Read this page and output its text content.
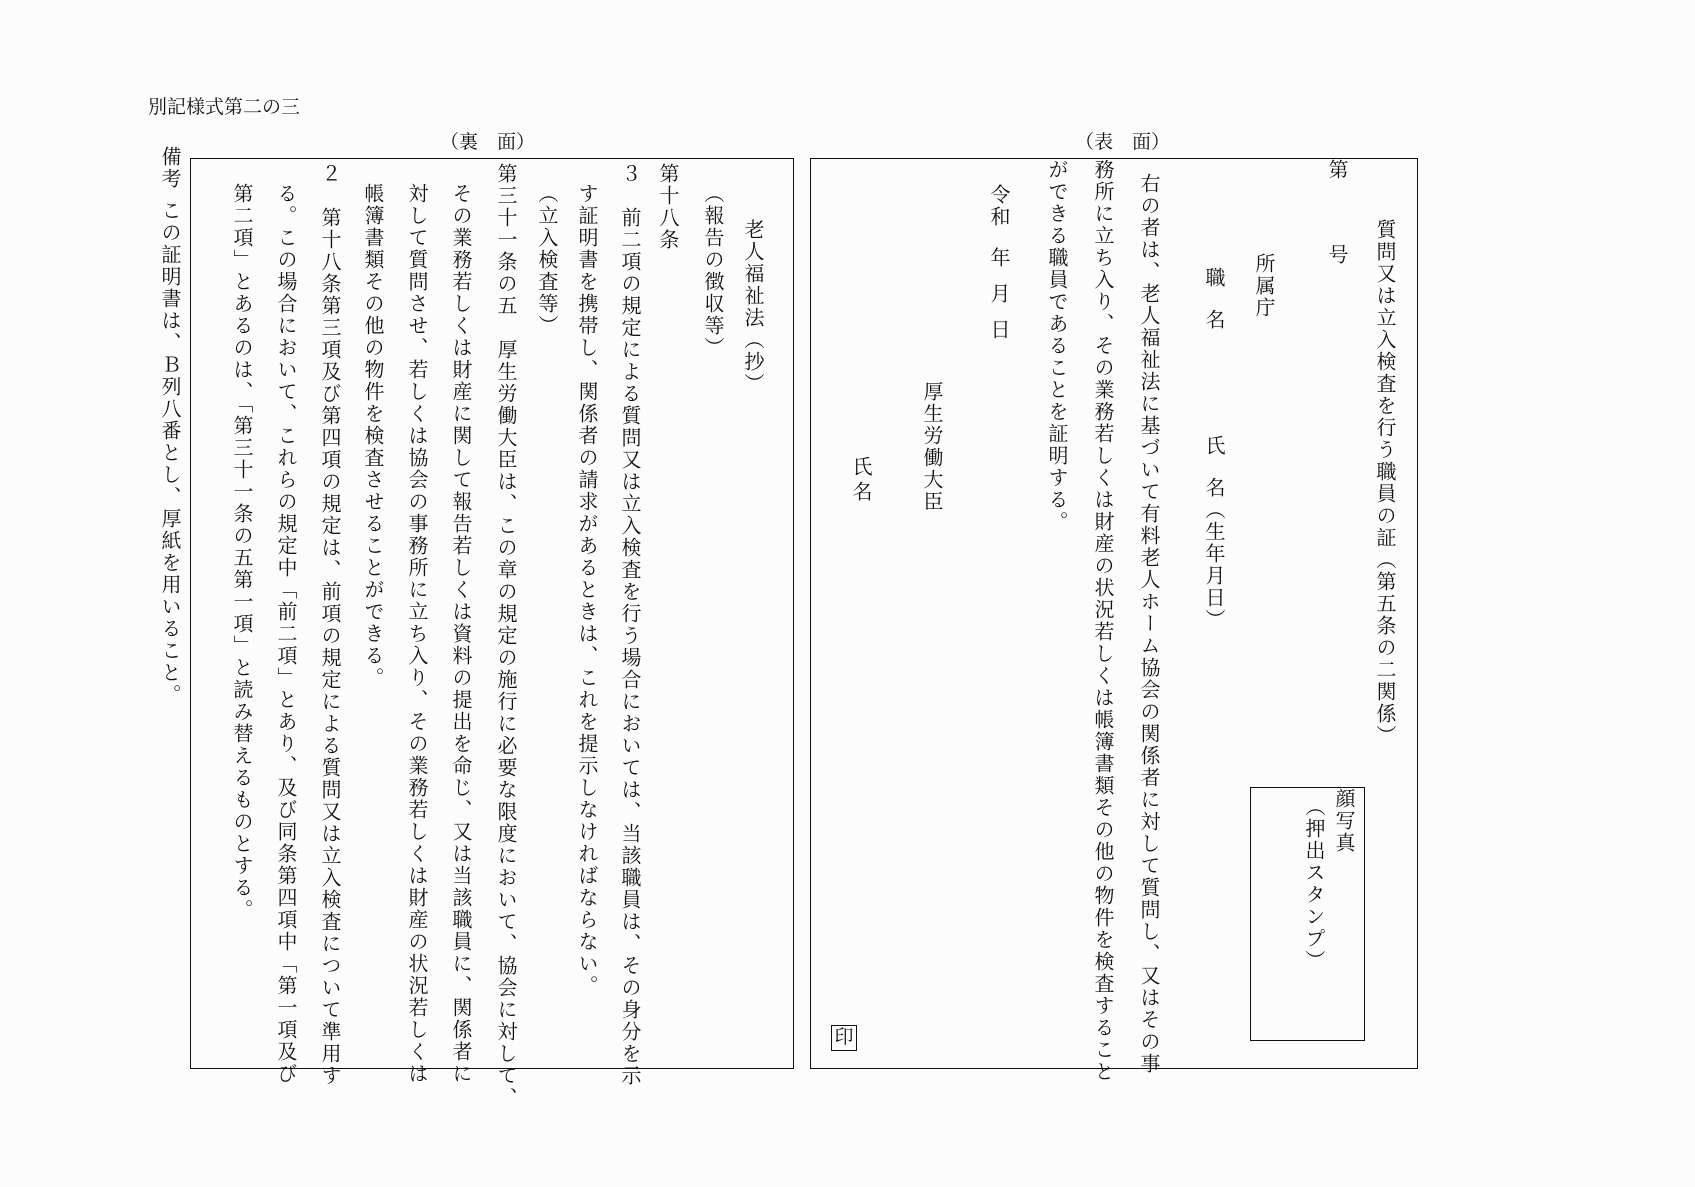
別記様式第二の三
（裏　面）
老人福祉法（抄）
（報告の徴収等）
第十八条
３　前二項の規定による質問又は立入検査を行う場合においては、当該職員は、その身分を示
す証明書を携帯し、関係者の請求があるときは、これを提示しなければならない。
（立入検査等）
第三十一条の五　厚生労働大臣は、この章の規定の施行に必要な限度において、協会に対して、
その業務若しくは財産に関して報告若しくは資料の提出を命じ、又は当該職員に、関係者に
対して質問させ、若しくは協会の事務所に立ち入り、その業務若しくは財産の状況若しくは
帳簿書類その他の物件を検査させることができる。
２　第十八条第三項及び第四項の規定は、前項の規定による質問又は立入検査について準用す
る。この場合において、これらの規定中「前二項」とあり、及び同条第四項中「第一項及び
第二項」とあるのは、「第三十一条の五第一項」と読み替えるものとする。
備考
この証明書は、Ｂ列八番とし、厚紙を用いること。
（表　面）
第
号 質問又は立入検査を行う職員の証（第五条の二関係）
顔写真
（押出スタンプ）
所属庁
職
名
氏
名（生年月日）
右の者は、老人福祉法に基づいて有料老人ホーム協会の関係者に対して質問し、又はその事
務所に立ち入り、その業務若しくは財産の状況若しくは帳簿書類その他の物件を検査すること
ができる職員であることを証明する。
令和
年
月
日
厚生労働大臣
氏
名
印
